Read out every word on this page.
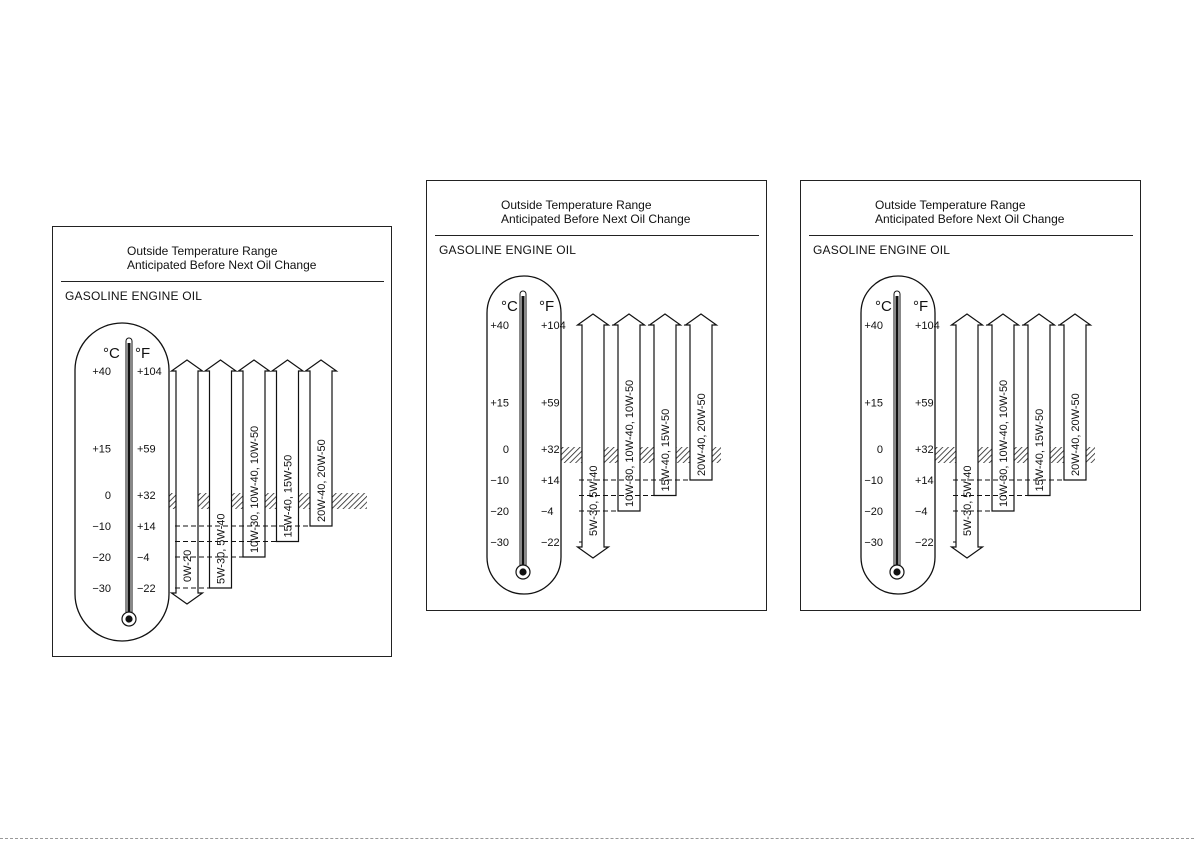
Outside Temperature Range
Anticipated Before Next Oil Change
GASOLINE ENGINE OIL
°C °F
+40 +104
+15 +59
0 +32
−10 +14
−20 −4
−30 −22
0W-20 5W-30, 5W-40 10W-30, 10W-40, 10W-50 15W-40, 15W-50 20W-40, 20W-50
Outside Temperature Range
Anticipated Before Next Oil Change
GASOLINE ENGINE OIL
°C °F
+40	+104
+15	+59
0	+32
−10	+14
−20	−4
−30	−22
5W-30, 5W-40 10W-30, 10W-40, 10W-50 15W-40, 15W-50 20W-40, 20W-50
Outside Temperature Range
Anticipated Before Next Oil Change
GASOLINE ENGINE OIL
°C °F
+40	+104
+15	+59
0	+32
−10	+14
−20	−4
−30	−22
5W-30, 5W-40 10W-30, 10W-40, 10W-50 15W-40, 15W-50 20W-40, 20W-50
